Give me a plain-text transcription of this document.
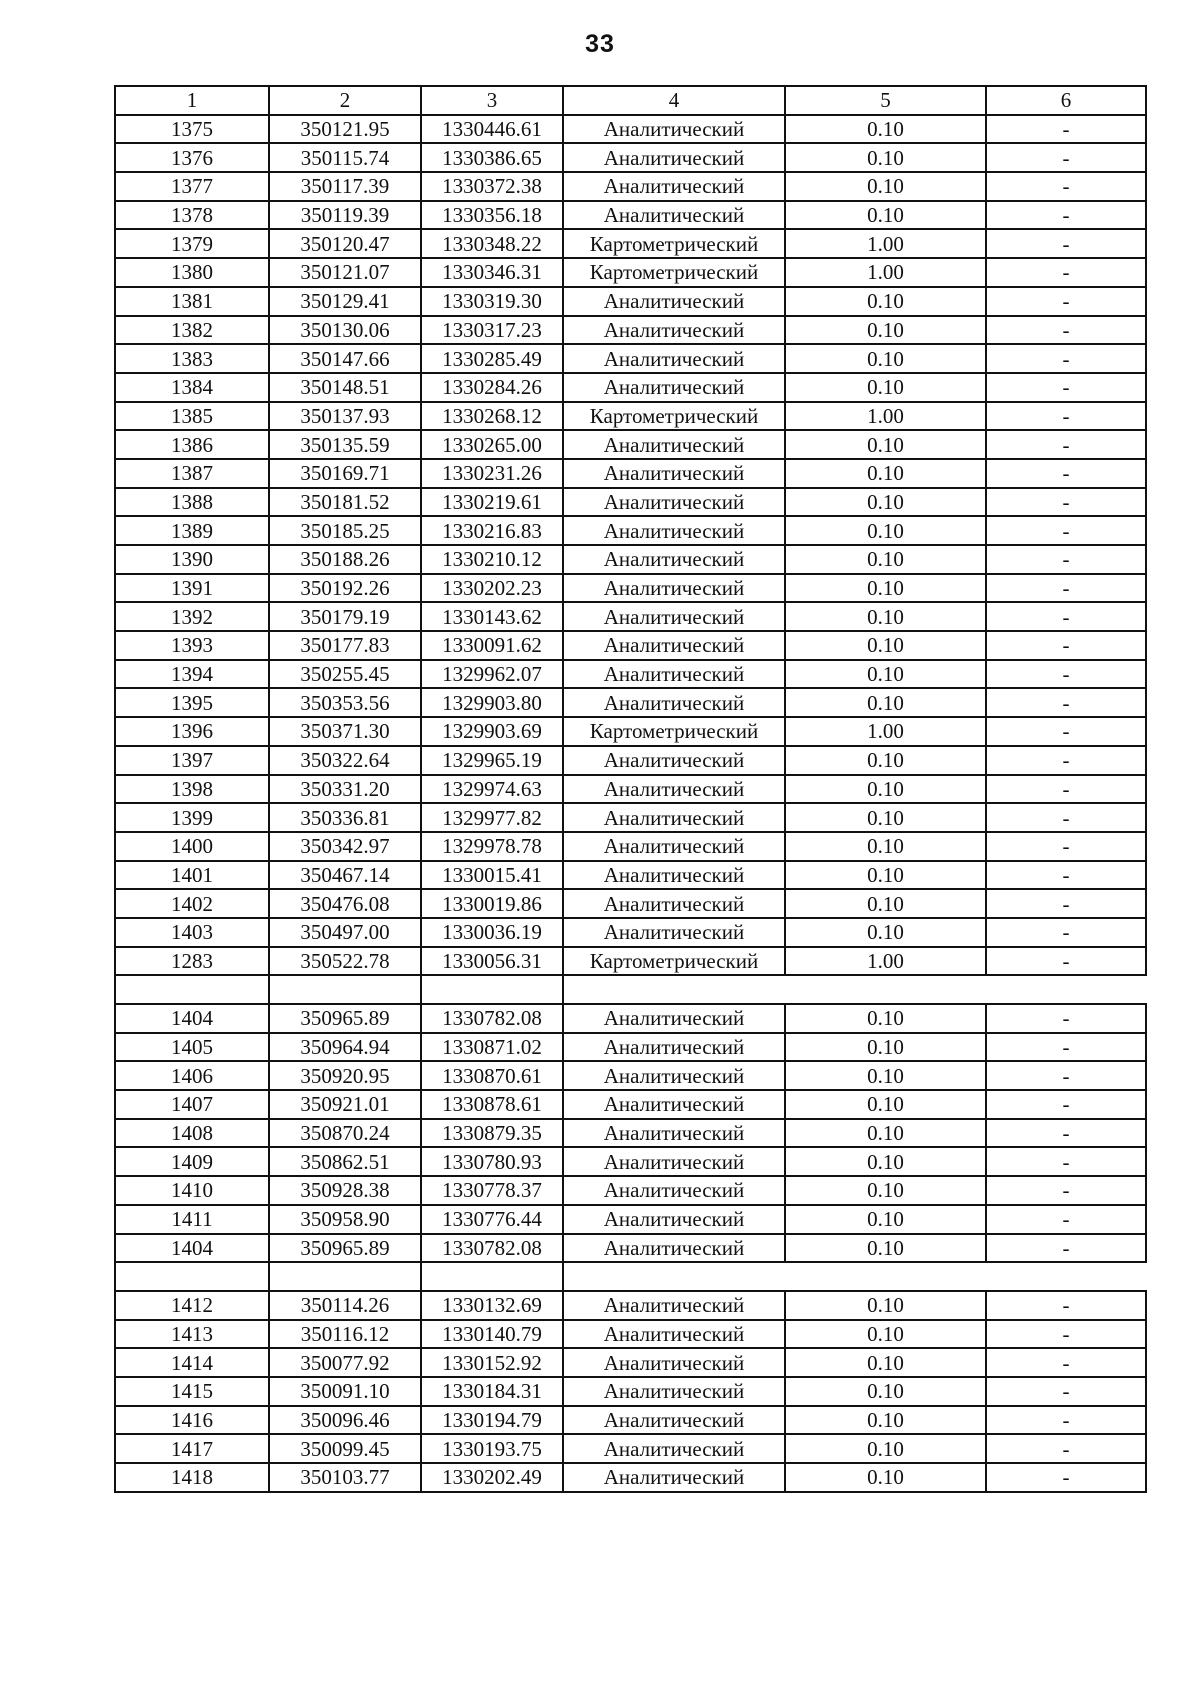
33
1	2	3	4	5	6
1375	350121.95	1330446.61	Аналитический	0.10	-
1376	350115.74	1330386.65	Аналитический	0.10	-
1377	350117.39	1330372.38	Аналитический	0.10	-
1378	350119.39	1330356.18	Аналитический	0.10	-
1379	350120.47	1330348.22	Картометрический	1.00	-
1380	350121.07	1330346.31	Картометрический	1.00	-
1381	350129.41	1330319.30	Аналитический	0.10	-
1382	350130.06	1330317.23	Аналитический	0.10	-
1383	350147.66	1330285.49	Аналитический	0.10	-
1384	350148.51	1330284.26	Аналитический	0.10	-
1385	350137.93	1330268.12	Картометрический	1.00	-
1386	350135.59	1330265.00	Аналитический	0.10	-
1387	350169.71	1330231.26	Аналитический	0.10	-
1388	350181.52	1330219.61	Аналитический	0.10	-
1389	350185.25	1330216.83	Аналитический	0.10	-
1390	350188.26	1330210.12	Аналитический	0.10	-
1391	350192.26	1330202.23	Аналитический	0.10	-
1392	350179.19	1330143.62	Аналитический	0.10	-
1393	350177.83	1330091.62	Аналитический	0.10	-
1394	350255.45	1329962.07	Аналитический	0.10	-
1395	350353.56	1329903.80	Аналитический	0.10	-
1396	350371.30	1329903.69	Картометрический	1.00	-
1397	350322.64	1329965.19	Аналитический	0.10	-
1398	350331.20	1329974.63	Аналитический	0.10	-
1399	350336.81	1329977.82	Аналитический	0.10	-
1400	350342.97	1329978.78	Аналитический	0.10	-
1401	350467.14	1330015.41	Аналитический	0.10	-
1402	350476.08	1330019.86	Аналитический	0.10	-
1403	350497.00	1330036.19	Аналитический	0.10	-
1283	350522.78	1330056.31	Картометрический	1.00	-

1404	350965.89	1330782.08	Аналитический	0.10	-
1405	350964.94	1330871.02	Аналитический	0.10	-
1406	350920.95	1330870.61	Аналитический	0.10	-
1407	350921.01	1330878.61	Аналитический	0.10	-
1408	350870.24	1330879.35	Аналитический	0.10	-
1409	350862.51	1330780.93	Аналитический	0.10	-
1410	350928.38	1330778.37	Аналитический	0.10	-
1411	350958.90	1330776.44	Аналитический	0.10	-
1404	350965.89	1330782.08	Аналитический	0.10	-

1412	350114.26	1330132.69	Аналитический	0.10	-
1413	350116.12	1330140.79	Аналитический	0.10	-
1414	350077.92	1330152.92	Аналитический	0.10	-
1415	350091.10	1330184.31	Аналитический	0.10	-
1416	350096.46	1330194.79	Аналитический	0.10	-
1417	350099.45	1330193.75	Аналитический	0.10	-
1418	350103.77	1330202.49	Аналитический	0.10	-
